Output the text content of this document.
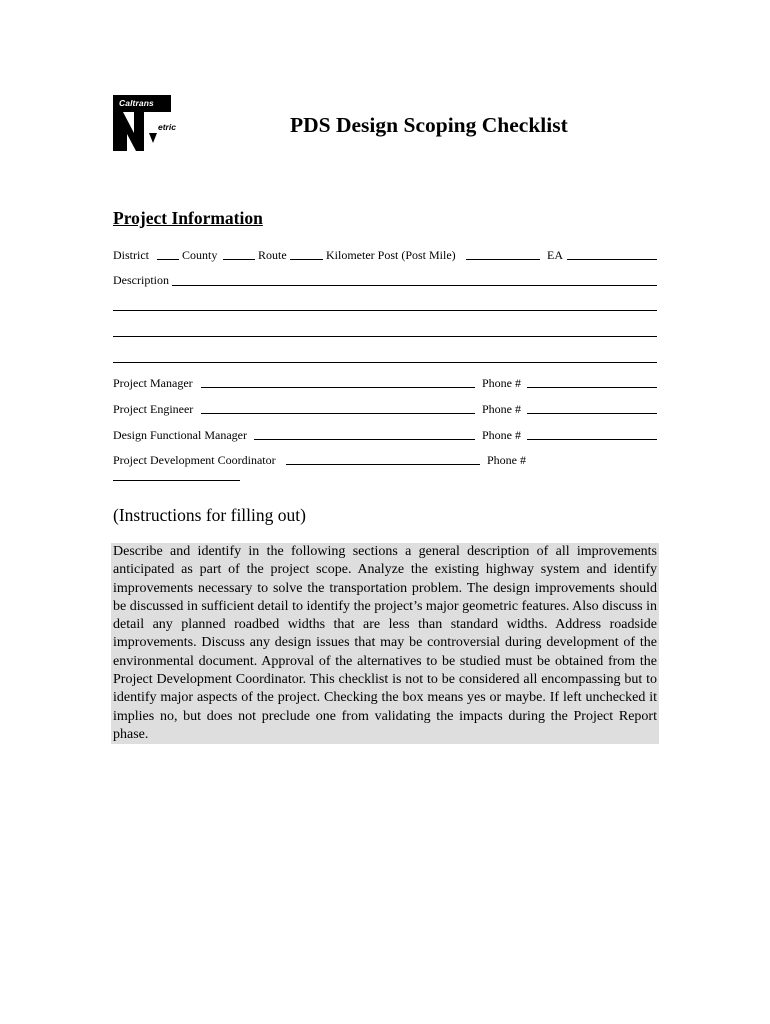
Caltrans
etric	PDS Design Scoping Checklist
Project Information
District	County	Route	Kilometer Post (Post Mile)	EA
Description
Project Manager	Phone #
Project Engineer	Phone #
Design Functional Manager	Phone #
Project Development Coordinator	Phone #
(Instructions for filling out)
Describe and identify in the following sections a general description of all improvements anticipated as part of the project scope. Analyze the existing highway system and identify improvements necessary to solve the transportation problem. The design improvements should be discussed in sufficient detail to identify the project’s major geometric features. Also discuss in detail any planned roadbed widths that are less than standard widths. Address roadside improvements. Discuss any design issues that may be controversial during development of the environmental document. Approval of the alternatives to be studied must be obtained from the Project Development Coordinator. This checklist is not to be considered all encompassing but to identify major aspects of the project. Checking the box means yes or maybe. If left unchecked it implies no, but does not preclude one from validating the impacts during the Project Report phase.
